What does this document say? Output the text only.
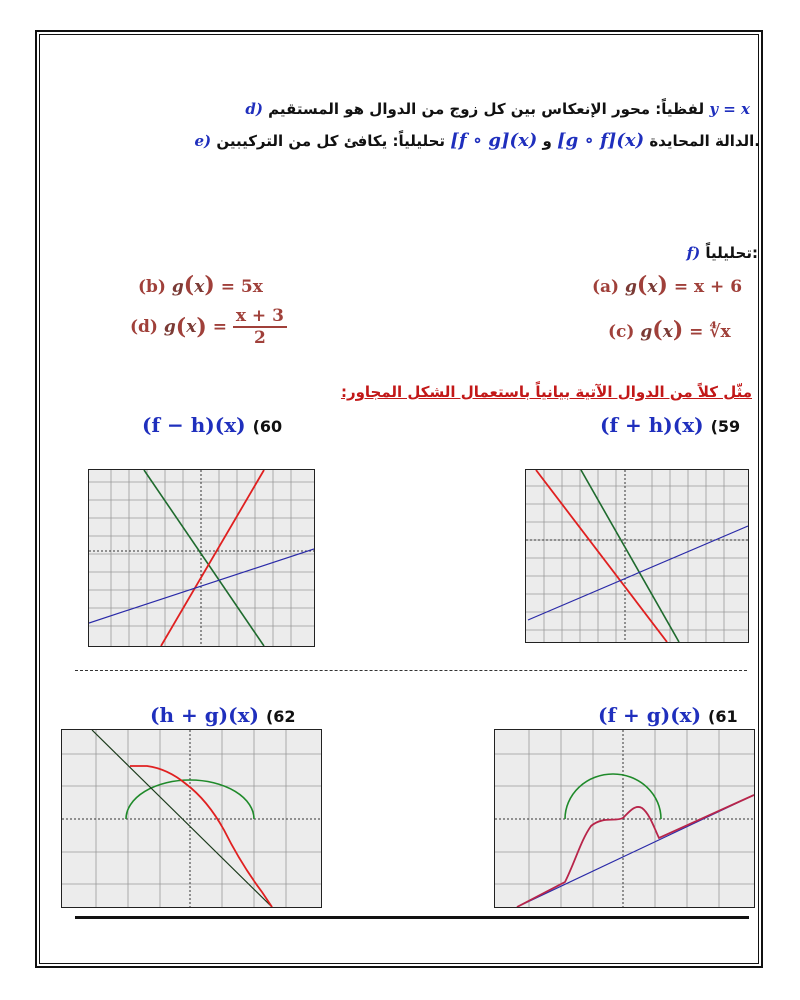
d) لفظياً: محور الإنعكاس بين كل زوج من الدوال هو المستقيم y = x
e) تحليلياً: يكافئ كل من التركيبين [f ∘ g](x) و [g ∘ f](x) الدالة المحايدة.
f) تحليلياً:
(a) g(x) = x + 6
(b) g(x) = 5x
(c) g(x) = ∜x
(d) $g(x) = \frac{x + 3}{2}$
مثّل كلاً من الدوال الآتية بيانياً باستعمال الشكل المجاور:
(f − h)(x) (60	(f + h)(x) (59
(h + g)(x) (62	(f + g)(x) (61
